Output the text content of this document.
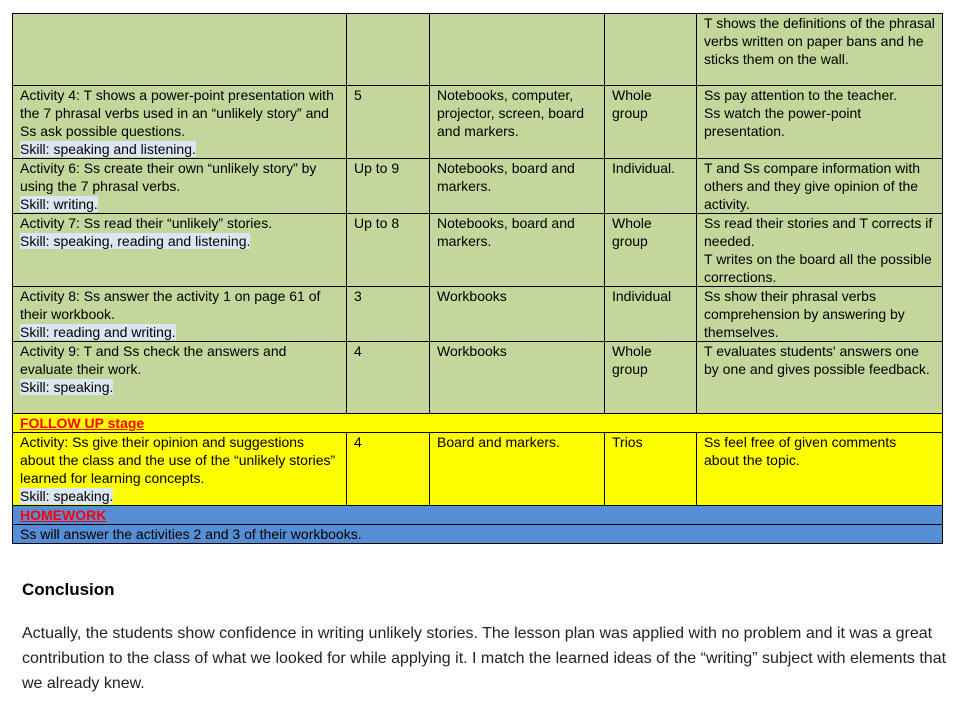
				T shows the definitions of the phrasal verbs written on paper bans and he sticks them on the wall.

Activity 4: T shows a power-point presentation with the 7 phrasal verbs used in an “unlikely story” and Ss ask possible questions.
Skill: speaking and listening.	5	Notebooks, computer, projector, screen, board and markers.	Whole group	Ss pay attention to the teacher.
Ss watch the power-point presentation.

Activity 6: Ss create their own “unlikely story” by using the 7 phrasal verbs.
Skill: writing.	Up to 9	Notebooks, board and markers.	Individual.	T and Ss compare information with others and they give opinion of the activity.

Activity 7: Ss read their “unlikely” stories.
Skill: speaking, reading and listening.	Up to 8	Notebooks, board and markers.	Whole group	Ss read their stories and T corrects if needed.
T writes on the board all the possible corrections.

Activity 8: Ss answer the activity 1 on page 61 of their workbook.
Skill: reading and writing.	3	Workbooks	Individual	Ss show their phrasal verbs comprehension by answering by themselves.

Activity 9: T and Ss check the answers and evaluate their work.
Skill: speaking.	4	Workbooks	Whole group	T evaluates students' answers one by one and gives possible feedback.

FOLLOW UP stage				

Activity: Ss give their opinion and suggestions about the class and the use of the “unlikely stories” learned for learning concepts.
Skill: speaking.	4	Board and markers.	Trios	Ss feel free of given comments about the topic.
HOMEWORK				
Ss will answer the activities 2 and 3 of their workbooks.				
Conclusion
Actually, the students show confidence in writing unlikely stories. The lesson plan was applied with no problem and it was a great contribution to the class of what we looked for while applying it. I match the learned ideas of the “writing” subject with elements that we already knew.
